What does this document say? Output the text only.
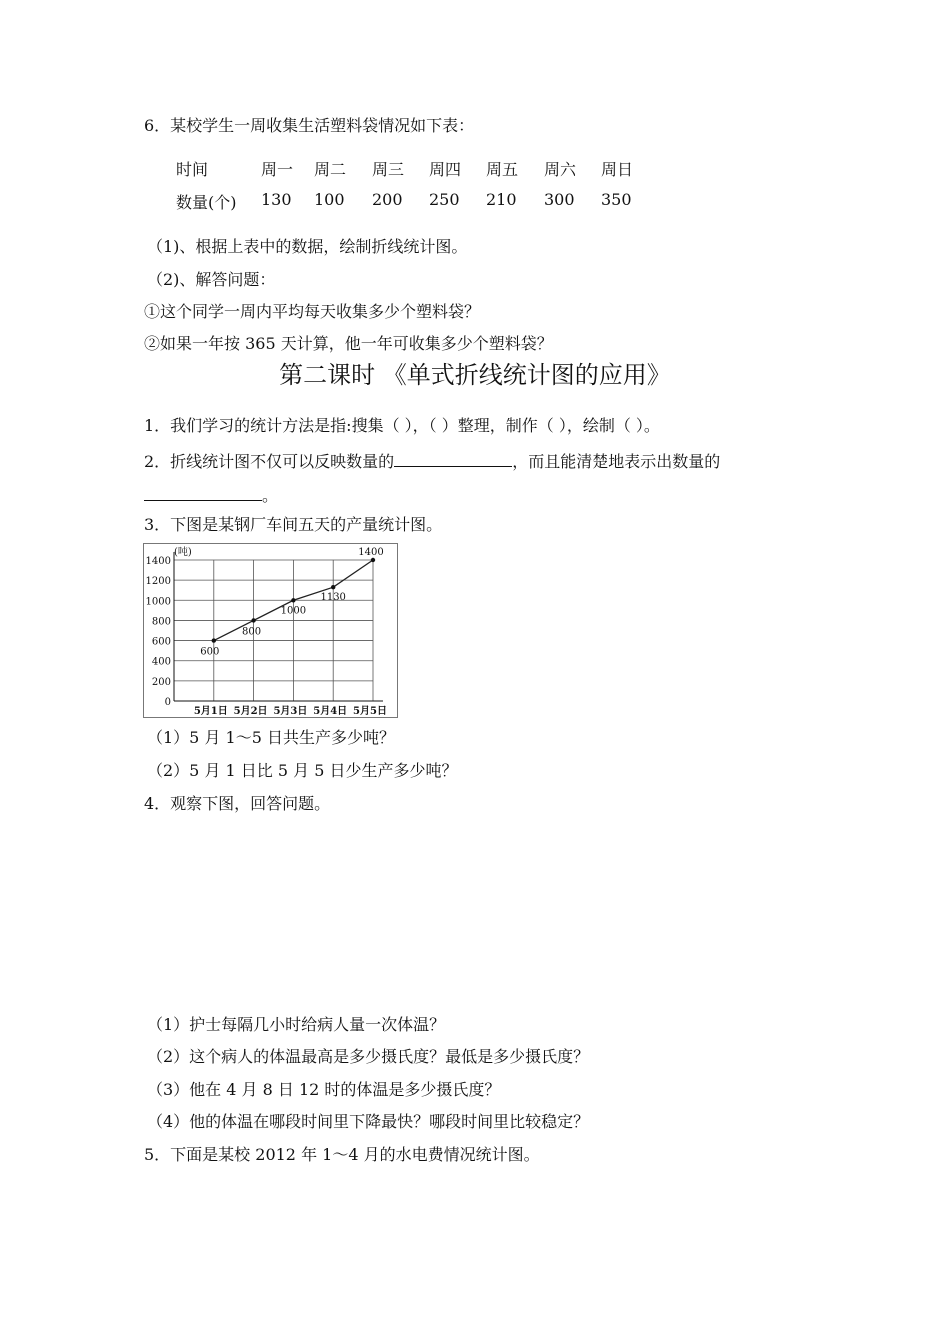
6．某校学生一周收集生活塑料袋情况如下表：
时间	周一 周二 周三 周四 周五 周六 周日
数量(个) 130 100 200 250 210 300 350
（1)、根据上表中的数据，绘制折线统计图。
（2)、解答问题：
①这个同学一周内平均每天收集多少个塑料袋？
②如果一年按 365 天计算，他一年可收集多少个塑料袋？
第二课时 《单式折线统计图的应用》
1．我们学习的统计方法是指:搜集（ ），（ ）整理，制作（ ），绘制（ ）。
2．折线统计图不仅可以反映数量的	，而且能清楚地表示出数量的
。
3．下图是某钢厂车间五天的产量统计图。
0
200
400
600
800
1000
1200
1400
5月1日 5月2日 5月3日 5月4日 5月5日
600
800
1000
1130
1400
(吨)
（1）5 月 1～5 日共生产多少吨？
（2）5 月 1 日比 5 月 5 日少生产多少吨？
4．观察下图，回答问题。
（1）护士每隔几小时给病人量一次体温？
（2）这个病人的体温最高是多少摄氏度？最低是多少摄氏度？
（3）他在 4 月 8 日 12 时的体温是多少摄氏度？
（4）他的体温在哪段时间里下降最快？哪段时间里比较稳定？
5．下面是某校 2012 年 1～4 月的水电费情况统计图。
